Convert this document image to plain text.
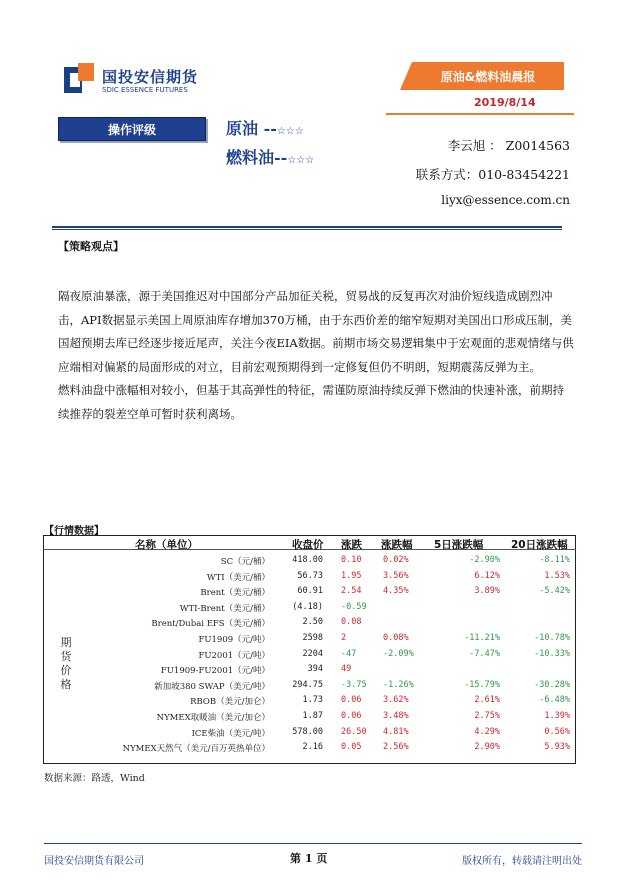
国投安信期货
SDIC ESSENCE FUTURES
原油&燃料油晨报
2019/8/14
操作评级	原油 --☆☆☆
燃料油--☆☆☆
李云旭 ： Z0014563
联系方式：010-83454221
liyx@essence.com.cn
【策略观点】

隔夜原油暴涨，源于美国推迟对中国部分产品加征关税，贸易战的反复再次对油价短线造成剧烈冲击，API数据显示美国上周原油库存增加370万桶，由于东西价差的缩窄短期对美国出口形成压制，美国超预期去库已经逐步接近尾声，关注今夜EIA数据。前期市场交易逻辑集中于宏观面的悲观情绪与供应端相对偏紧的局面形成的对立，目前宏观预期得到一定修复但仍不明朗，短期震荡反弹为主。

燃料油盘中涨幅相对较小，但基于其高弹性的特征，需谨防原油持续反弹下燃油的快速补涨，前期持续推荐的裂差空单可暂时获利离场。

【行情数据】
名称（单位）	收盘价 涨跌 涨跌幅 5日涨跌幅	20日涨跌幅
期货价格
SC（元/桶）	418.00 0.10	0.02%	-2.90%	-8.11%
WTI（美元/桶）	56.73 1.95	3.56%	6.12%	1.53%
Brent（美元/桶）	60.91 2.54	4.35%	3.89%	-5.42%
WTI-Brent（美元/桶）	(4.18) -0.59
Brent/Dubai EFS（美元/桶）	2.50 0.08
FU1909（元/吨）	2598 2	0.08%	-11.21%	-10.78%
FU2001（元/吨）	2204 -47	-2.09%	-7.47%	-10.33%
FU1909-FU2001（元/吨）	394 49
新加坡380 SWAP（美元/吨）	294.75 -3.75 -1.26%	-15.79%	-30.28%
RBOB（美元/加仑）	1.73 0.06	3.62%	2.61%	-6.48%
NYMEX取暖油（美元/加仑）	1.87 0.06	3.48%	2.75%	1.39%
ICE柴油（美元/吨）	578.00 26.50 4.81%	4.29%	0.56%
NYMEX天然气（美元/百万英热单位）	2.16 0.05	2.56%	2.90%	5.93%
数据来源：路透，Wind
国投安信期货有限公司	第 1 页	版权所有，转载请注明出处
